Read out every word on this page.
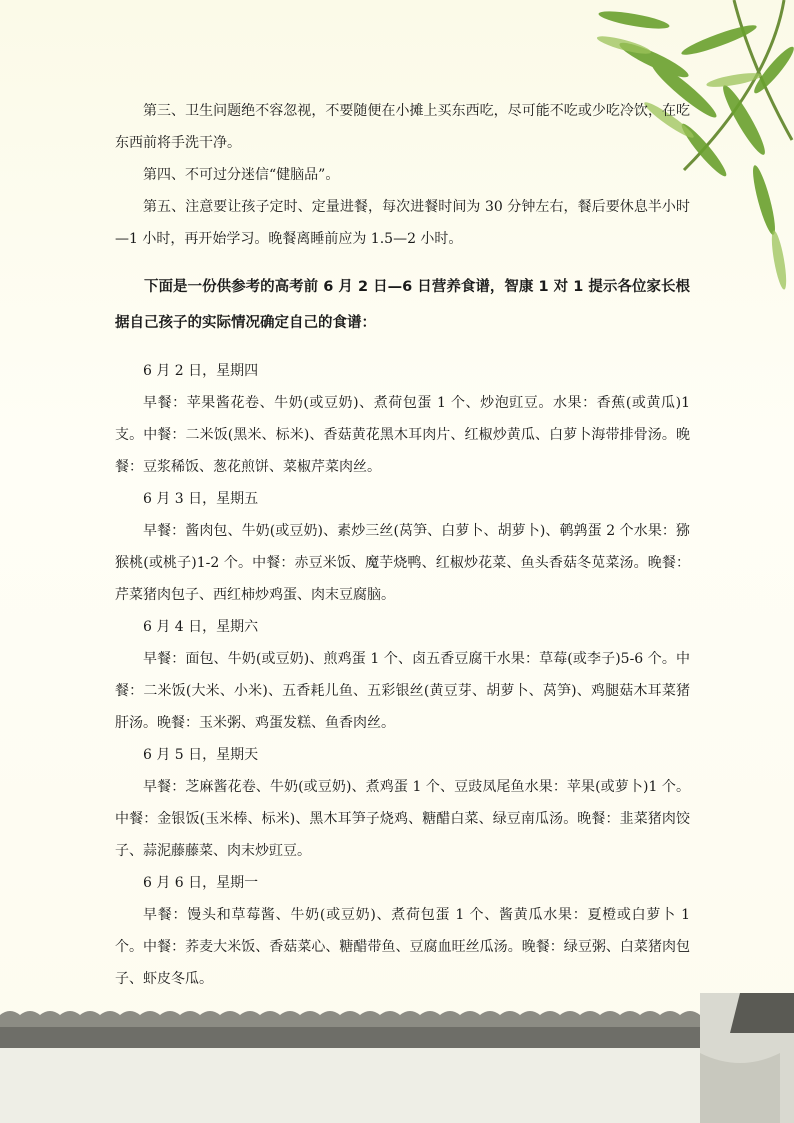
第三、卫生问题绝不容忽视，不要随便在小摊上买东西吃，尽可能不吃或少吃冷饮，在吃东西前将手洗干净。

第四、不可过分迷信“健脑品”。

第五、注意要让孩子定时、定量进餐，每次进餐时间为 30 分钟左右，餐后要休息半小时—1 小时，再开始学习。晚餐离睡前应为 1.5—2 小时。

下面是一份供参考的高考前 6 月 2 日—6 日营养食谱，智康 1 对 1 提示各位家长根据自己孩子的实际情况确定自己的食谱：

6 月 2 日，星期四

早餐：苹果酱花卷、牛奶(或豆奶)、煮荷包蛋 1 个、炒泡豇豆。水果：香蕉(或黄瓜)1 支。中餐：二米饭(黑米、标米)、香菇黄花黑木耳肉片、红椒炒黄瓜、白萝卜海带排骨汤。晚餐：豆浆稀饭、葱花煎饼、菜椒芹菜肉丝。

6 月 3 日，星期五

早餐：酱肉包、牛奶(或豆奶)、素炒三丝(莴笋、白萝卜、胡萝卜)、鹌鹑蛋 2 个水果：猕猴桃(或桃子)1-2 个。中餐：赤豆米饭、魔芋烧鸭、红椒炒花菜、鱼头香菇冬苋菜汤。晚餐：芹菜猪肉包子、西红柿炒鸡蛋、肉末豆腐脑。

6 月 4 日，星期六

早餐：面包、牛奶(或豆奶)、煎鸡蛋 1 个、卤五香豆腐干水果：草莓(或李子)5-6 个。中餐：二米饭(大米、小米)、五香耗儿鱼、五彩银丝(黄豆芽、胡萝卜、莴笋)、鸡腿菇木耳菜猪肝汤。晚餐：玉米粥、鸡蛋发糕、鱼香肉丝。

6 月 5 日，星期天

早餐：芝麻酱花卷、牛奶(或豆奶)、煮鸡蛋 1 个、豆豉凤尾鱼水果：苹果(或萝卜)1 个。中餐：金银饭(玉米棒、标米)、黑木耳笋子烧鸡、糖醋白菜、绿豆南瓜汤。晚餐：韭菜猪肉饺子、蒜泥藤藤菜、肉末炒豇豆。

6 月 6 日，星期一

早餐：馒头和草莓酱、牛奶(或豆奶)、煮荷包蛋 1 个、酱黄瓜水果：夏橙或白萝卜 1 个。中餐：荞麦大米饭、香菇菜心、糖醋带鱼、豆腐血旺丝瓜汤。晚餐：绿豆粥、白菜猪肉包子、虾皮冬瓜。
